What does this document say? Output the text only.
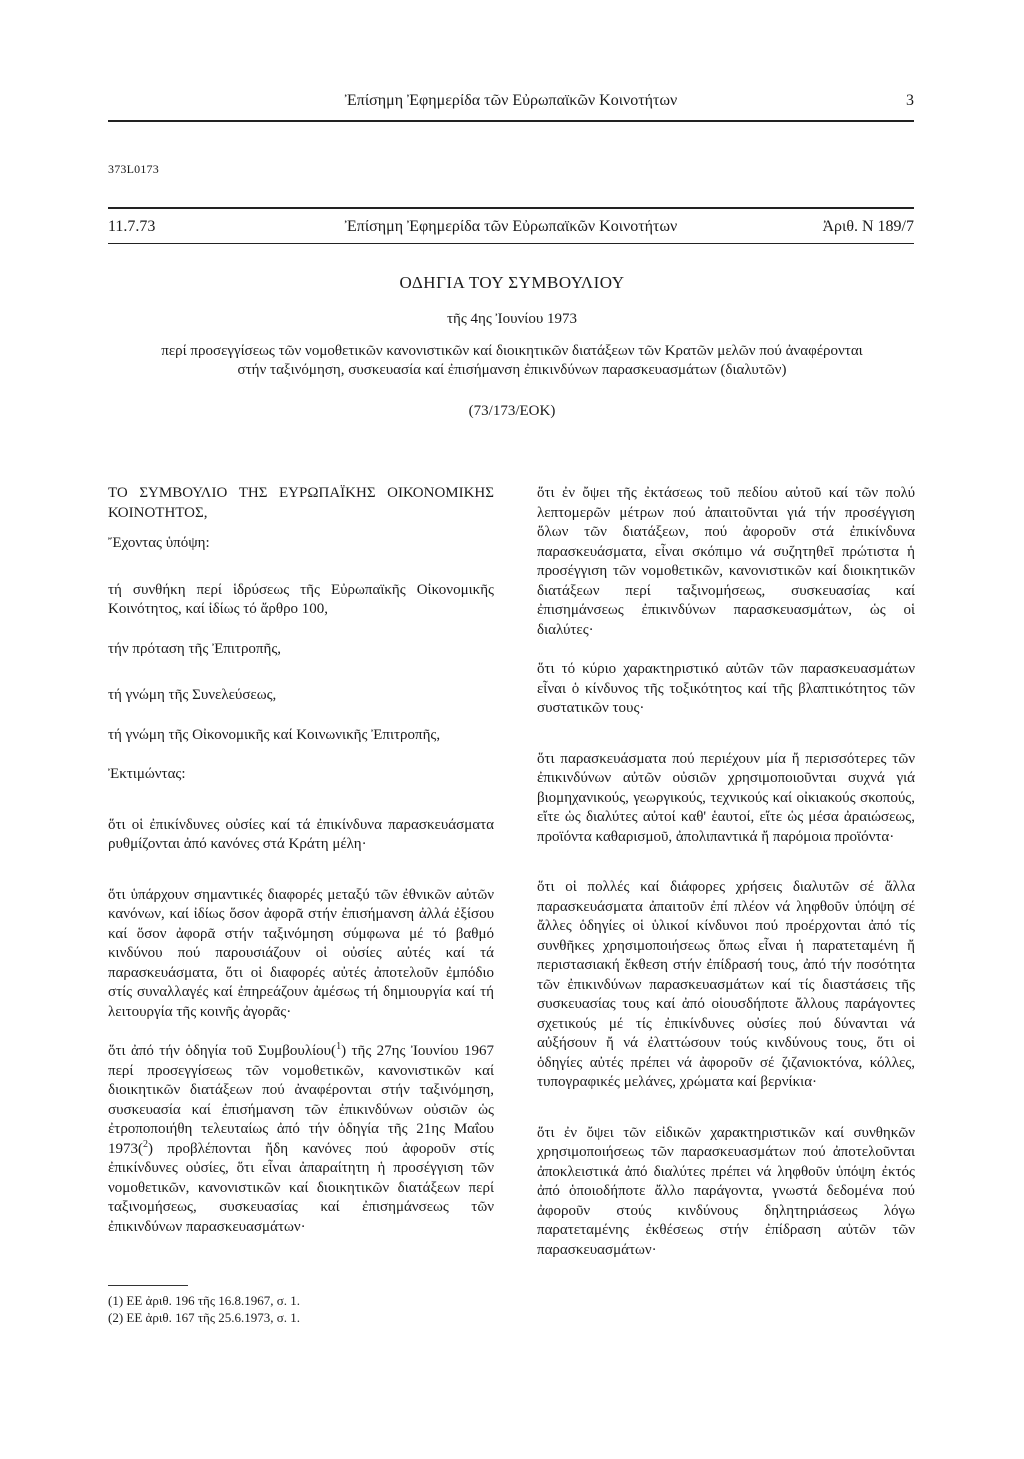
Ἐπίσημη Ἐφημερίδα τῶν Εὐρωπαϊκῶν Κοινοτήτων	3
373L0173
Ἐπίσημη Ἐφημερίδα τῶν Εὐρωπαϊκῶν Κοινοτήτων
11.7.73	Ἀριθ. Ν 189/7
ΟΔΗΓΙΑ ΤΟΥ ΣΥΜΒΟΥΛΙΟΥ
τῆς 4ης Ἰουνίου 1973
περί προσεγγίσεως τῶν νομοθετικῶν κανονιστικῶν καί διοικητικῶν διατάξεων τῶν Κρατῶν μελῶν πού ἀναφέρονται στήν ταξινόμηση, συσκευασία καί ἐπισήμανση ἐπικινδύνων παρασκευασμάτων (διαλυτῶν)
(73/173/ΕΟΚ)

ΤΟ ΣΥΜΒΟΥΛΙΟ ΤΗΣ ΕΥΡΩΠΑΪΚΗΣ ΟΙΚΟΝΟΜΙΚΗΣ ΚΟΙΝΟΤΗΤΟΣ,

Ἔχοντας ὑπόψη:

τή συνθήκη περί ἱδρύσεως τῆς Εὐρωπαϊκῆς Οἰκονομικῆς Κοινότητος, καί ἰδίως τό ἄρθρο 100,

τήν πρόταση τῆς Ἐπιτροπῆς,

τή γνώμη τῆς Συνελεύσεως,

τή γνώμη τῆς Οἰκονομικῆς καί Κοινωνικῆς Ἐπιτροπῆς,

Ἐκτιμώντας:

ὅτι οἱ ἐπικίνδυνες οὐσίες καί τά ἐπικίνδυνα παρασκευάσματα ρυθμίζονται ἀπό κανόνες στά Κράτη μέλη·

ὅτι ὑπάρχουν σημαντικές διαφορές μεταξύ τῶν ἐθνικῶν αὐτῶν κανόνων, καί ἰδίως ὅσον ἀφορᾶ στήν ἐπισήμανση ἀλλά ἐξίσου καί ὅσον ἀφορᾶ στήν ταξινόμηση σύμφωνα μέ τό βαθμό κινδύνου πού παρουσιάζουν οἱ οὐσίες αὐτές καί τά παρασκευάσματα, ὅτι οἱ διαφορές αὐτές ἀποτελοῦν ἐμπόδιο στίς συναλλαγές καί ἐπηρεάζουν ἀμέσως τή δημιουργία καί τή λειτουργία τῆς κοινῆς ἀγορᾶς·

ὅτι ἀπό τήν ὁδηγία τοῦ Συμβουλίου($^1$) τῆς 27ης Ἰουνίου 1967 περί προσεγγίσεως τῶν νομοθετικῶν, κανονιστικῶν καί διοικητικῶν διατάξεων πού ἀναφέρονται στήν ταξινόμηση, συσκευασία καί ἐπισήμανση τῶν ἐπικινδύνων οὐσιῶν ὡς ἐτροποποιήθη τελευταίως ἀπό τήν ὁδηγία τῆς 21ης Μαΐου 1973($^2$) προβλέπονται ἤδη κανόνες πού ἀφοροῦν στίς ἐπικίνδυνες οὐσίες, ὅτι εἶναι ἀπαραίτητη ἡ προσέγγιση τῶν νομοθετικῶν, κανονιστικῶν καί διοικητικῶν διατάξεων περί ταξινομήσεως, συσκευασίας καί ἐπισημάνσεως τῶν ἐπικινδύνων παρασκευασμάτων·

(1) ΕΕ ἀριθ. 196 τῆς 16.8.1967, σ. 1.
(2) ΕΕ ἀριθ. 167 τῆς 25.6.1973, σ. 1.

ὅτι ἐν ὄψει τῆς ἐκτάσεως τοῦ πεδίου αὐτοῦ καί τῶν πολύ λεπτομερῶν μέτρων πού ἀπαιτοῦνται γιά τήν προσέγγιση ὅλων τῶν διατάξεων, πού ἀφοροῦν στά ἐπικίνδυνα παρασκευάσματα, εἶναι σκόπιμο νά συζητηθεῖ πρώτιστα ἡ προσέγγιση τῶν νομοθετικῶν, κανονιστικῶν καί διοικητικῶν διατάξεων περί ταξινομήσεως, συσκευασίας καί ἐπισημάνσεως ἐπικινδύνων παρασκευασμάτων, ὡς οἱ διαλύτες·

ὅτι τό κύριο χαρακτηριστικό αὐτῶν τῶν παρασκευασμάτων εἶναι ὁ κίνδυνος τῆς τοξικότητος καί τῆς βλαπτικότητος τῶν συστατικῶν τους·

ὅτι παρασκευάσματα πού περιέχουν μία ἤ περισσότερες τῶν ἐπικινδύνων αὐτῶν οὐσιῶν χρησιμοποιοῦνται συχνά γιά βιομηχανικούς, γεωργικούς, τεχνικούς καί οἰκιακούς σκοπούς, εἴτε ὡς διαλύτες αὐτοί καθ' ἑαυτοί, εἴτε ὡς μέσα ἀραιώσεως, προϊόντα καθαρισμοῦ, ἀπολιπαντικά ἤ παρόμοια προϊόντα·

ὅτι οἱ πολλές καί διάφορες χρήσεις διαλυτῶν σέ ἄλλα παρασκευάσματα ἀπαιτοῦν ἐπί πλέον νά ληφθοῦν ὑπόψη σέ ἄλλες ὁδηγίες οἱ ὑλικοί κίνδυνοι πού προέρχονται ἀπό τίς συνθῆκες χρησιμοποιήσεως ὅπως εἶναι ἡ παρατεταμένη ἤ περιστασιακή ἔκθεση στήν ἐπίδρασή τους, ἀπό τήν ποσότητα τῶν ἐπικινδύνων παρασκευασμάτων καί τίς διαστάσεις τῆς συσκευασίας τους καί ἀπό οἱουσδήποτε ἄλλους παράγοντες σχετικούς μέ τίς ἐπικίνδυνες οὐσίες πού δύνανται νά αὐξήσουν ἤ νά ἐλαττώσουν τούς κινδύνους τους, ὅτι οἱ ὁδηγίες αὐτές πρέπει νά ἀφοροῦν σέ ζιζανιοκτόνα, κόλλες, τυπογραφικές μελάνες, χρώματα καί βερνίκια·

ὅτι ἐν ὄψει τῶν εἰδικῶν χαρακτηριστικῶν καί συνθηκῶν χρησιμοποιήσεως τῶν παρασκευασμάτων πού ἀποτελοῦνται ἀποκλειστικά ἀπό διαλύτες πρέπει νά ληφθοῦν ὑπόψη ἐκτός ἀπό ὁποιοδήποτε ἄλλο παράγοντα, γνωστά δεδομένα πού ἀφοροῦν στούς κινδύνους δηλητηριάσεως λόγω παρατεταμένης ἐκθέσεως στήν ἐπίδραση αὐτῶν τῶν παρασκευασμάτων·
